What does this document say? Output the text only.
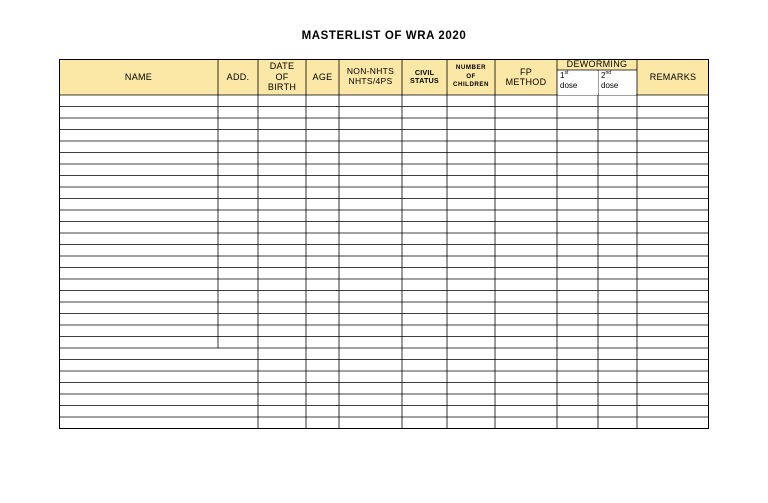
MASTERLIST OF WRA 2020
NAME	ADD.
DATE OF BIRTH
AGE
NON-NHTS NHTS/4PS
CIVIL STATUS
NUMBER OF CHILDREN
FP METHOD
DEWORMING
1st
dose
2nd
dose
REMARKS
